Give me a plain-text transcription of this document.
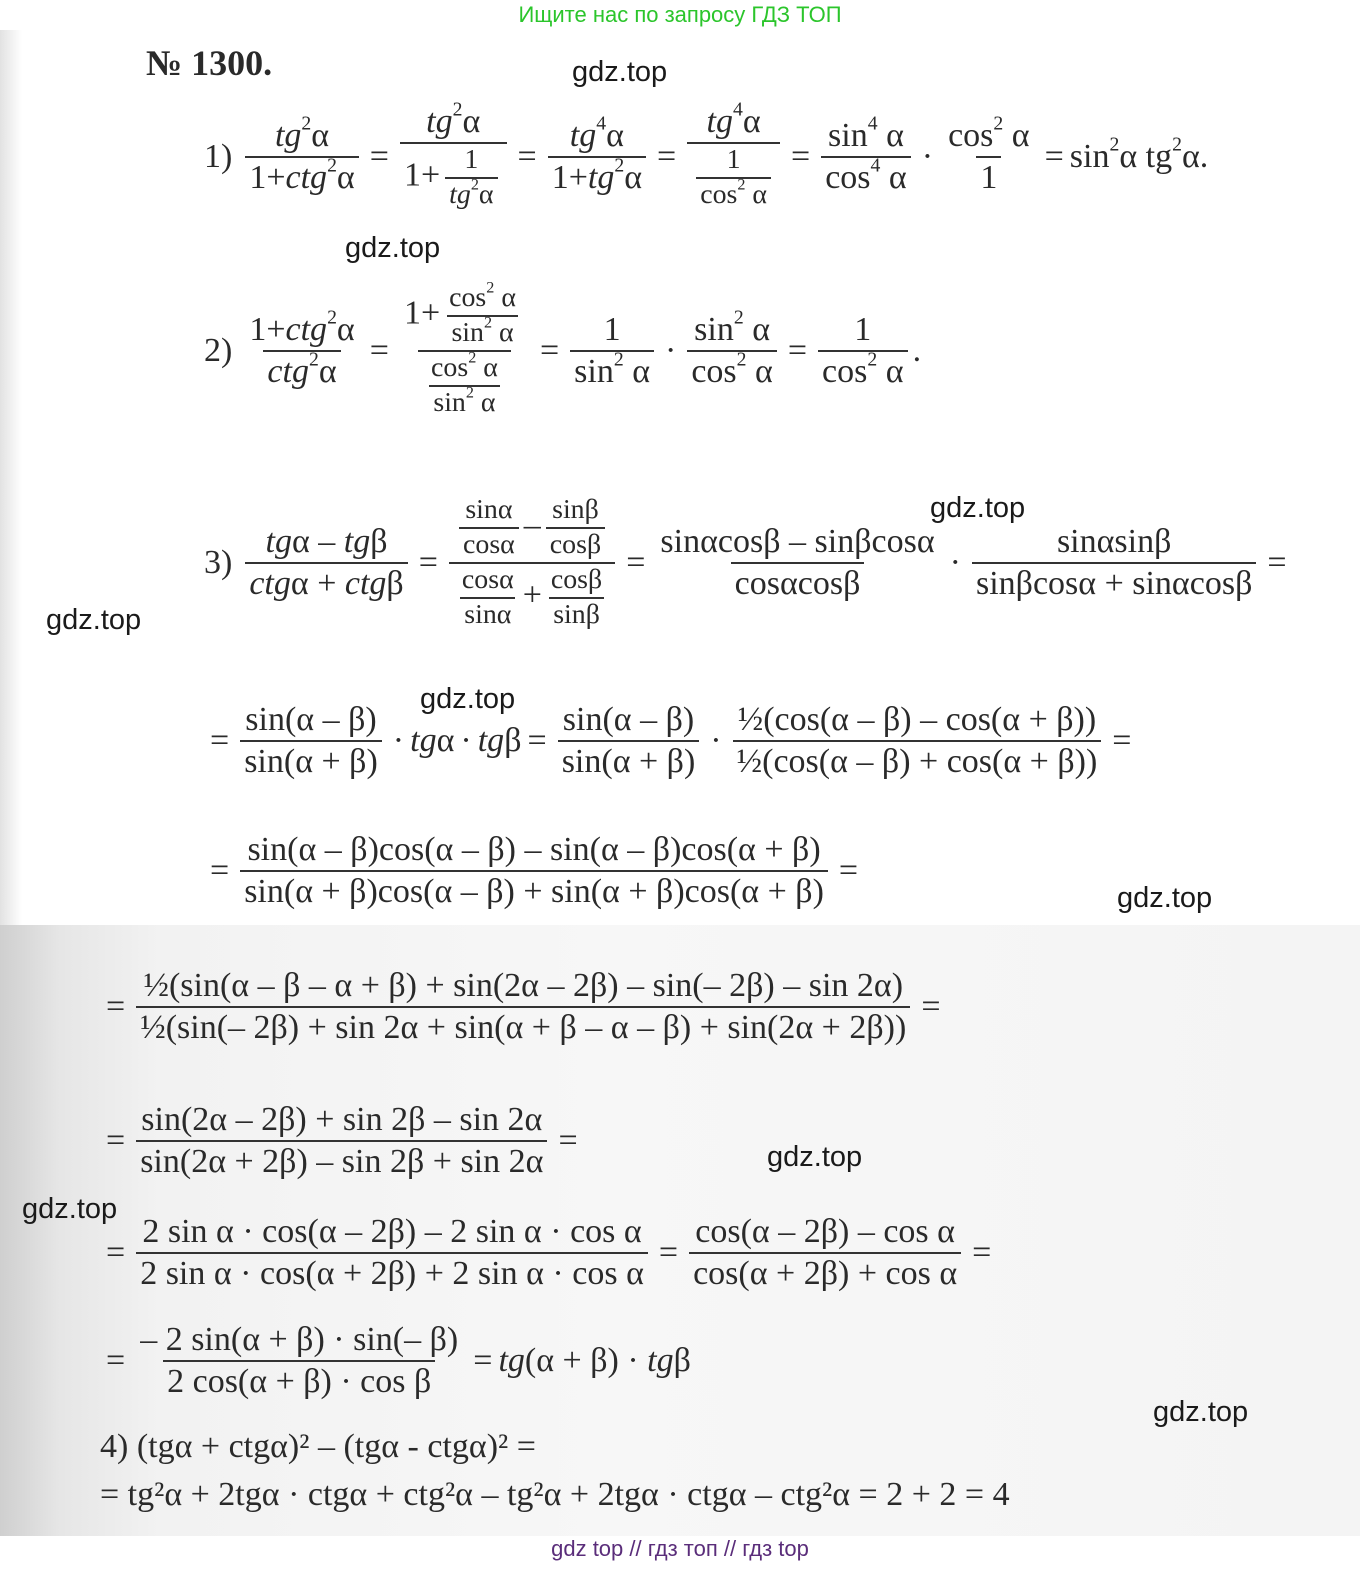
Ищите нас по запросу ГДЗ ТОП
№ 1300.	gdz.top
gdz.top
gdz.top
gdz.top
gdz.top
gdz.top
gdz.top
gdz.top
gdz.top
$1) \frac{tg^2\alpha}{1+ctg^2\alpha} = \frac{tg^2\alpha}{1+ \frac{1}{tg^2\alpha}} = \frac{tg^4\alpha}{1+tg^2\alpha} = \frac{tg^4\alpha}{\frac{1}{\cos^2 \alpha}} = \frac{\sin^4 \alpha}{\cos^4 \alpha} \cdot \frac{\cos^2 \alpha}{1} = \sin^2\alpha$ $tg^2\alpha$.
$2) \frac{1+ctg^2\alpha}{ctg^2\alpha} = \frac{1+ \frac{\cos^2 \alpha}{\sin^2 \alpha}}{\frac{\cos^2 \alpha}{\sin^2 \alpha}} = \frac{1}{\sin^2 \alpha} \cdot \frac{\sin^2 \alpha}{\cos^2 \alpha} = \frac{1}{\cos^2 \alpha}$ .
$3) \frac{\text{tgα – tgβ}}{\text{ctgα + ctgβ}} = \frac{\frac{\sin\alpha}{\cos\alpha} - \frac{\sin\beta}{\cos\beta}}{\frac{\cos\alpha}{\sin\alpha} + \frac{\cos\beta}{\sin\beta}} = \frac{\sin\alpha\cos\beta - \sin\beta\cos\alpha}{\cos\alpha\cos\beta} \cdot \frac{\sin\alpha\sin\beta}{\sin\beta\cos\alpha + \sin\alpha\cos\beta}$ =
= $\frac{\sin(\alpha - \beta)}{\sin(\alpha + \beta)}$ · tg α · tg $\beta = \frac{\sin(\alpha - \beta)}{\sin(\alpha + \beta)} \cdot \frac{\text{½(cos(α – β) – cos(α + β))}}{\text{½(cos(α – β) + cos(α + β))}}$ =
= $\frac{\sin(\alpha - \beta)\cos(\alpha - \beta) - \sin(\alpha - \beta)\cos(\alpha + \beta)}{\sin(\alpha + \beta)\cos(\alpha - \beta) + \sin(\alpha + \beta)\cos(\alpha + \beta)}$ =
= $\frac{\text{½(sin(α – β – α + β) + sin(2α – 2β) – sin(– 2β) – sin 2α)}}{\text{½(sin(– 2β) + sin 2α + sin(α + β – α – β) + sin(2α + 2β))}}$ =
= $\frac{\sin(2\alpha - 2\beta) + \sin 2\beta - \sin 2\alpha}{\sin(2\alpha + 2\beta) - \sin 2\beta + \sin 2\alpha}$ =
= $\frac{\text{2 sin α · cos(α – 2β) – 2 sin α · cos α}}{\text{2 sin α · cos(α + 2β) + 2 sin α · cos α}} = \frac{\text{cos(α – 2β) – cos α}}{\text{cos(α + 2β) + cos α}}$ =
= $\frac{- 2 \sin(\alpha + \beta) \cdot \sin(- \beta)}{\text{2 cos(α + β) · cos β}} = tg(\alpha + \beta) \cdot tg\beta$
4) (tgα + ctgα)² – (tgα - ctgα)² =
= tg²α + 2tgα · ctgα + ctg²α – tg²α + 2tgα · ctgα – ctg²α = 2 + 2 = 4
gdz top // гдз топ // гдз top
